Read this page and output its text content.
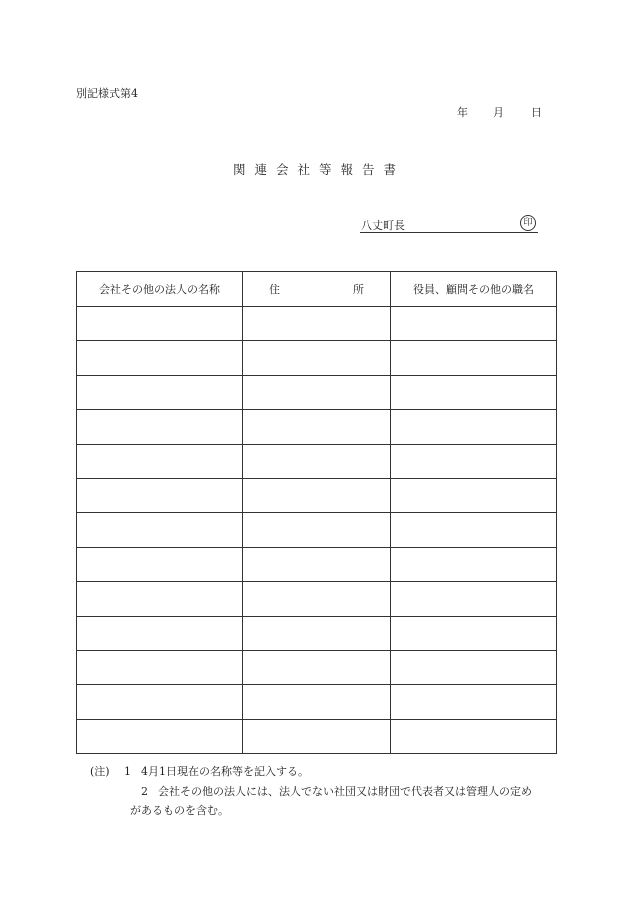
別記様式第4
年	月	日
関連会社等報告書
八丈町長	印
会社その他の法人の名称	住 所	役員、顧問その他の職名

(注)	1 4月1日現在の名称等を記入する。
2 会社その他の法人には、法人でない社団又は財団で代表者又は管理人の定め
があるものを含む。
